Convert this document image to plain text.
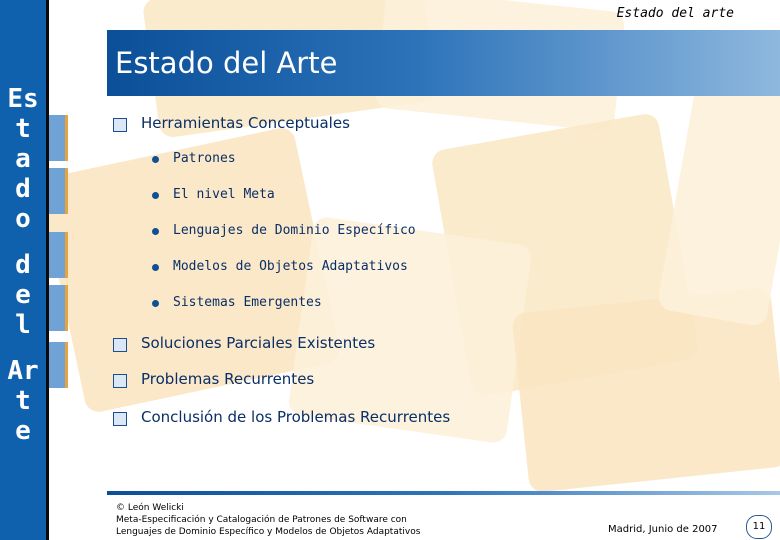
Es
t
a
d
o
d
e
l
Ar
t
e
Estado del arte
Estado del Arte
Herramientas Conceptuales
Patrones
El nivel Meta
Lenguajes de Dominio Específico
Modelos de Objetos Adaptativos
Sistemas Emergentes
Soluciones Parciales Existentes
Problemas Recurrentes
Conclusión de los Problemas Recurrentes
© León Welicki
Meta-Especificación y Catalogación de Patrones de Software con
Lenguajes de Dominio Específico y Modelos de Objetos Adaptativos	Madrid, Junio de 2007	11
